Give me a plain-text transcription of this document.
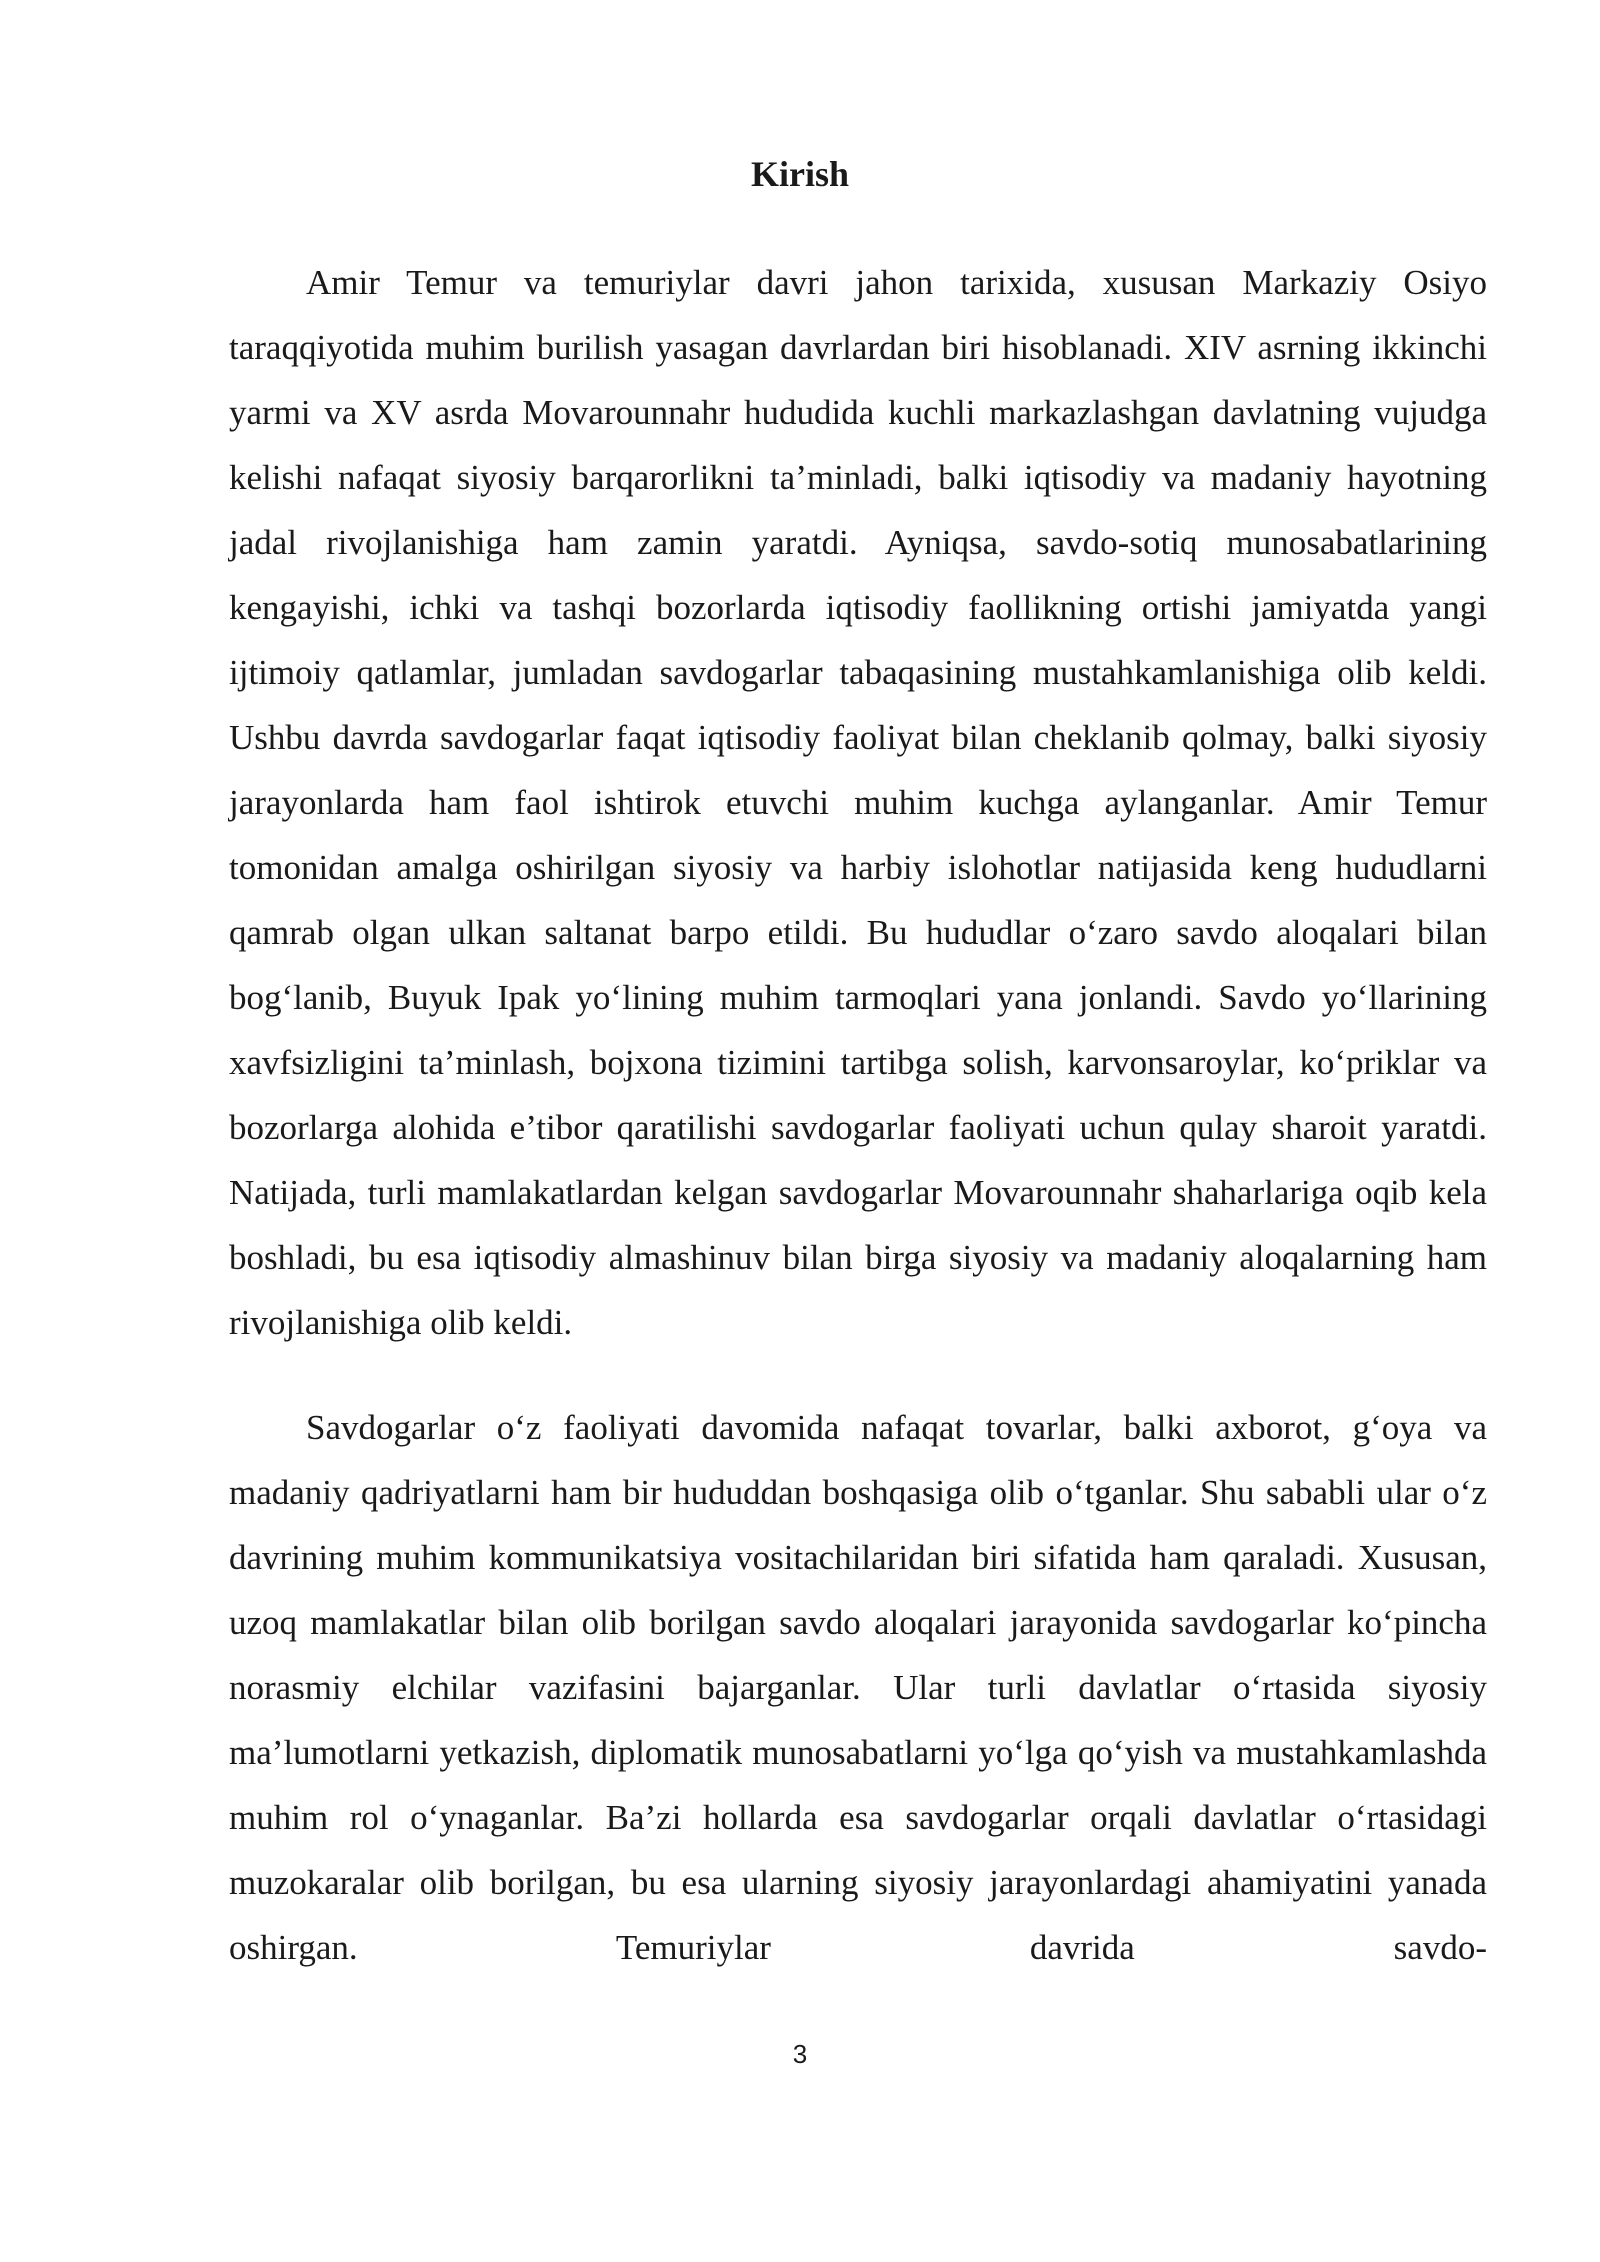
Kirish

Amir Temur va temuriylar davri jahon tarixida, xususan Markaziy Osiyo taraqqiyotida muhim burilish yasagan davrlardan biri hisoblanadi. XIV asrning ikkinchi yarmi va XV asrda Movarounnahr hududida kuchli markazlashgan davlatning vujudga kelishi nafaqat siyosiy barqarorlikni ta’minladi, balki iqtisodiy va madaniy hayotning jadal rivojlanishiga ham zamin yaratdi. Ayniqsa, savdo-sotiq munosabatlarining kengayishi, ichki va tashqi bozorlarda iqtisodiy faollikning ortishi jamiyatda yangi ijtimoiy qatlamlar, jumladan savdogarlar tabaqasining mustahkamlanishiga olib keldi. Ushbu davrda savdogarlar faqat iqtisodiy faoliyat bilan cheklanib qolmay, balki siyosiy jarayonlarda ham faol ishtirok etuvchi muhim kuchga aylanganlar. Amir Temur tomonidan amalga oshirilgan siyosiy va harbiy islohotlar natijasida keng hududlarni qamrab olgan ulkan saltanat barpo etildi. Bu hududlar o‘zaro savdo aloqalari bilan bog‘lanib, Buyuk Ipak yo‘lining muhim tarmoqlari yana jonlandi. Savdo yo‘llarining xavfsizligini ta’minlash, bojxona tizimini tartibga solish, karvonsaroylar, ko‘priklar va bozorlarga alohida e’tibor qaratilishi savdogarlar faoliyati uchun qulay sharoit yaratdi. Natijada, turli mamlakatlardan kelgan savdogarlar Movarounnahr shaharlariga oqib kela boshladi, bu esa iqtisodiy almashinuv bilan birga siyosiy va madaniy aloqalarning ham rivojlanishiga olib keldi.

Savdogarlar o‘z faoliyati davomida nafaqat tovarlar, balki axborot, g‘oya va madaniy qadriyatlarni ham bir hududdan boshqasiga olib o‘tganlar. Shu sababli ular o‘z davrining muhim kommunikatsiya vositachilaridan biri sifatida ham qaraladi. Xususan, uzoq mamlakatlar bilan olib borilgan savdo aloqalari jarayonida savdogarlar ko‘pincha norasmiy elchilar vazifasini bajarganlar. Ular turli davlatlar o‘rtasida siyosiy ma’lumotlarni yetkazish, diplomatik munosabatlarni yo‘lga qo‘yish va mustahkamlashda muhim rol o‘ynaganlar. Ba’zi hollarda esa savdogarlar orqali davlatlar o‘rtasidagi muzokaralar olib borilgan, bu esa ularning siyosiy jarayonlardagi ahamiyatini yanada oshirgan. Temuriylar davrida savdo-

3
